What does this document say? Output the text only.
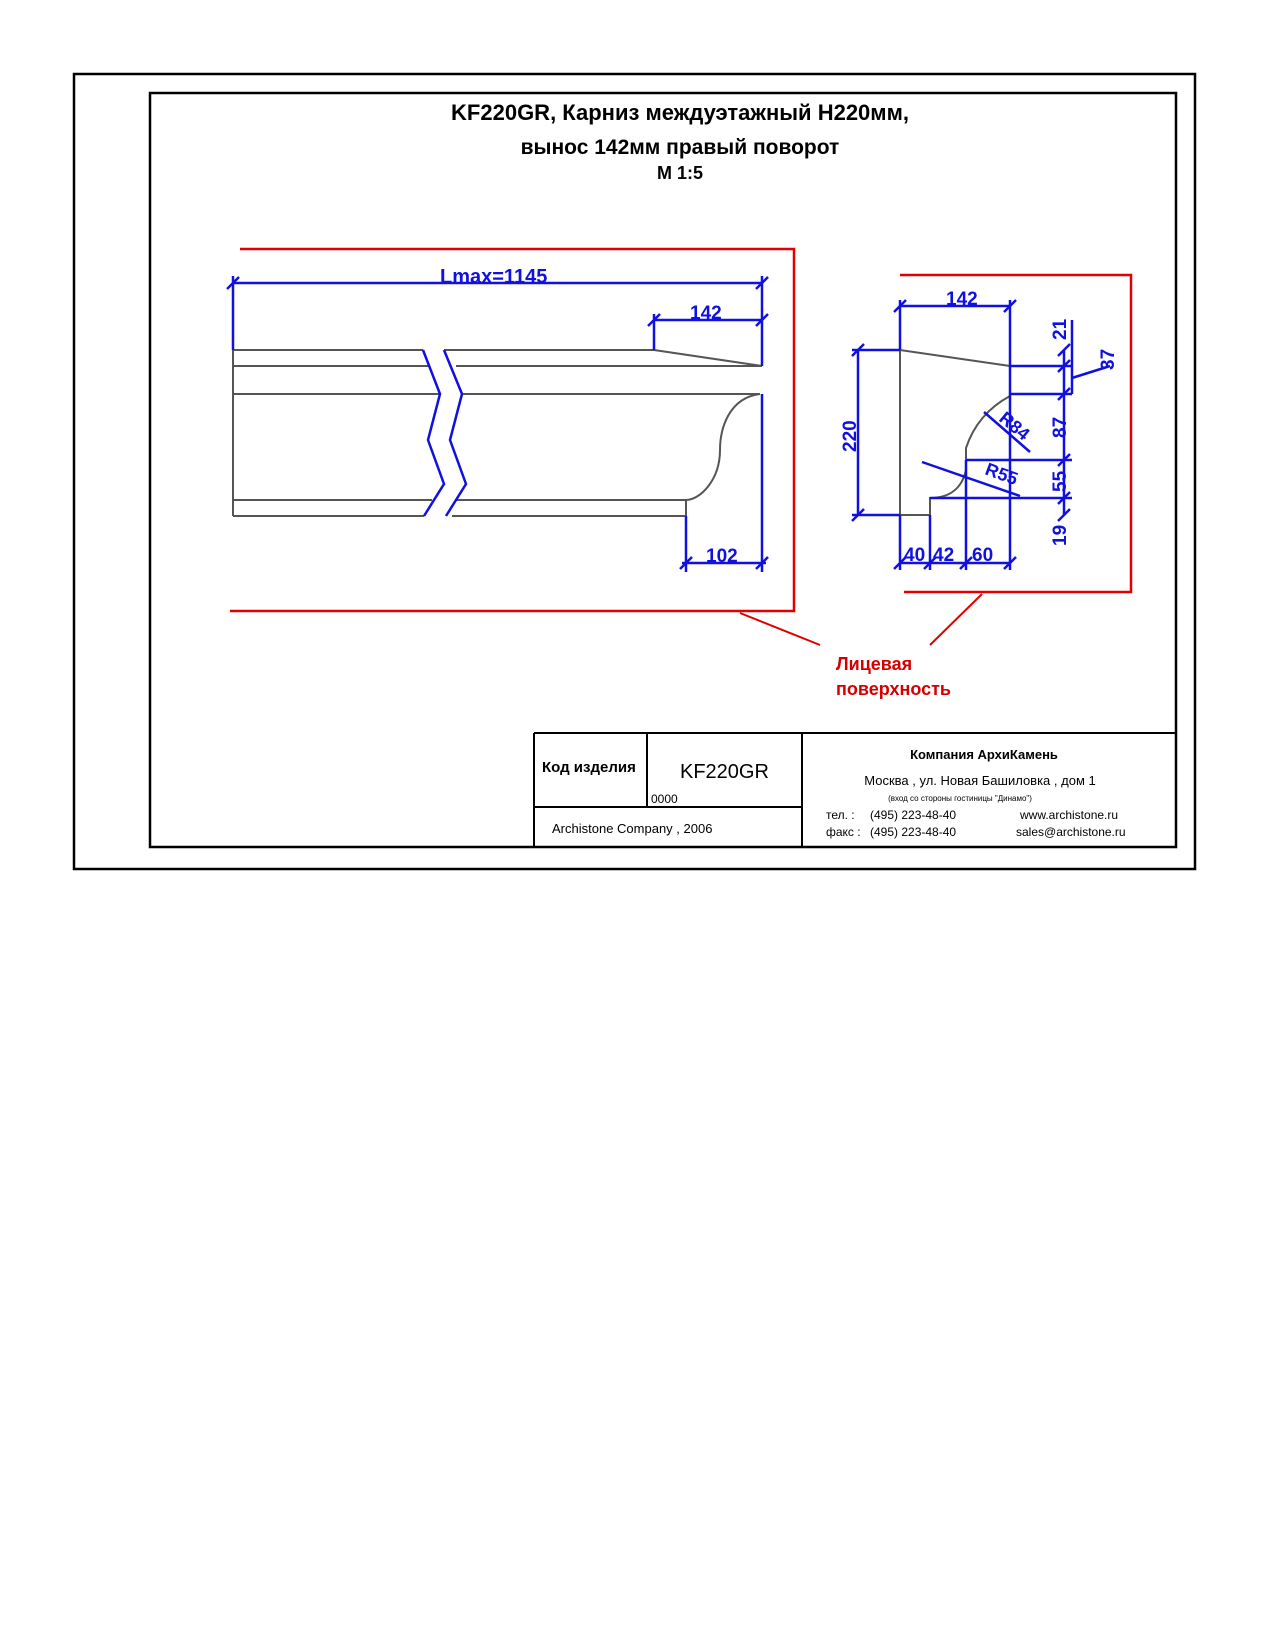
KF220GR, Карниз междуэтажный H220мм,
вынос 142мм правый поворот
М 1:5
Lmax=1145
142
102
142
220
21
37
87
55
19
40 42 60
R84
R55
Код изделия KF220GR
0000
Archistone Company , 2006
Компания АрхиКамень
Москва , ул. Новая Башиловка , дом 1
(вход со стороны гостиницы "Динамо")
тел. : (495) 223-48-40	www.archistone.ru
факс : (495) 223-48-40	sales@archistone.ru
Лицевая
поверхность
